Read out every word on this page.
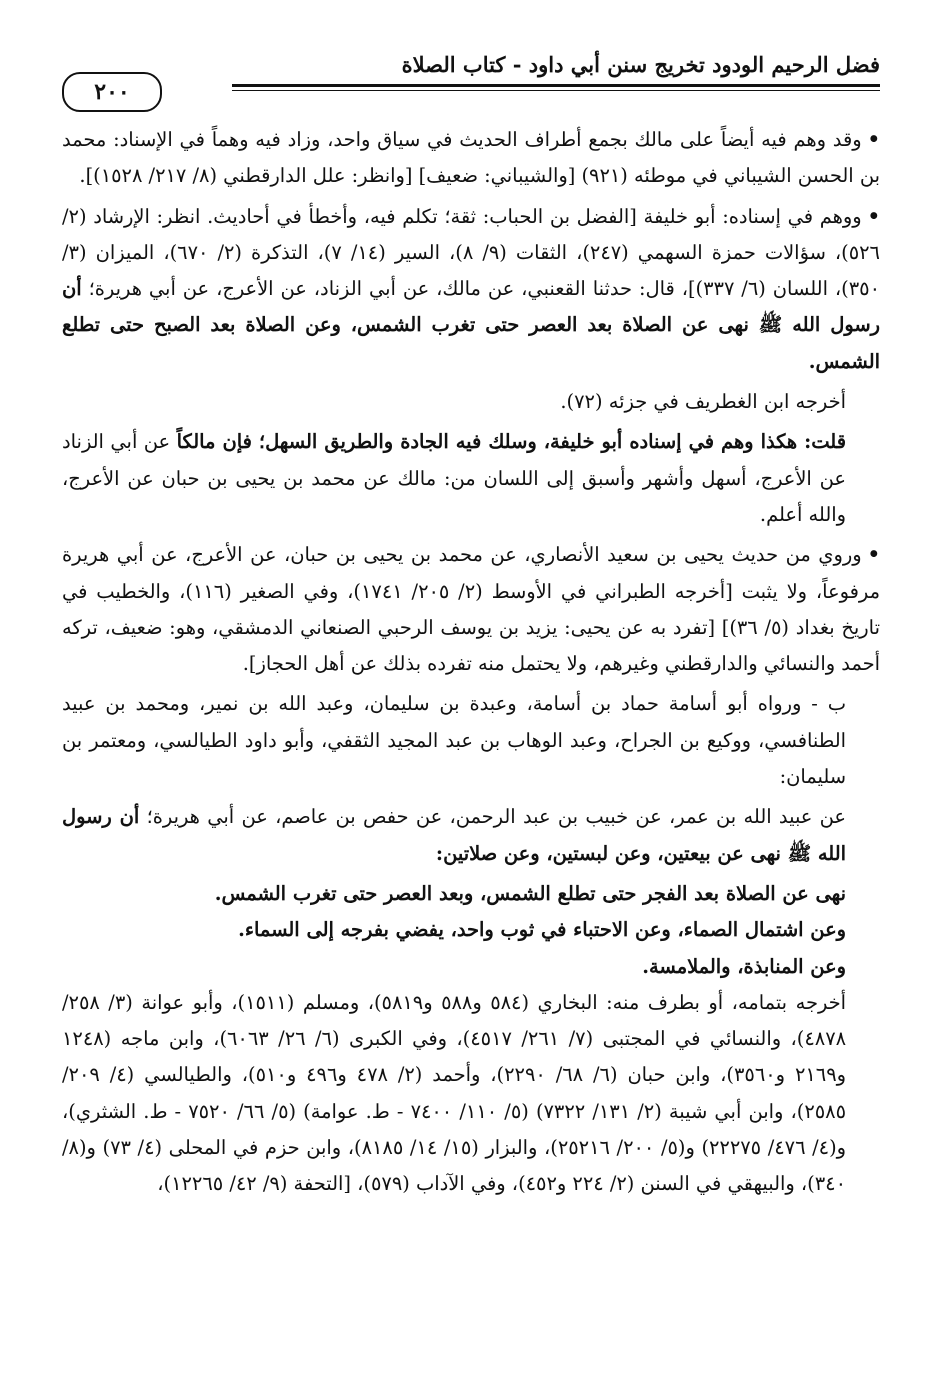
فضل الرحيم الودود تخريج سنن أبي داود - كتاب الصلاة
٢٠٠

•وقد وهم فيه أيضاً على مالك بجمع أطراف الحديث في سياق واحد، وزاد فيه وهماً في الإسناد: محمد بن الحسن الشيباني في موطئه (٩٢١) [والشيباني: ضعيف] [وانظر: علل الدارقطني (٨/ ٢١٧/ ١٥٢٨)].

•ووهم في إسناده: أبو خليفة [الفضل بن الحباب: ثقة؛ تكلم فيه، وأخطأ في أحاديث. انظر: الإرشاد (٢/ ٥٢٦)، سؤالات حمزة السهمي (٢٤٧)، الثقات (٩/ ٨)، السير (١٤/ ٧)، التذكرة (٢/ ٦٧٠)، الميزان (٣/ ٣٥٠)، اللسان (٦/ ٣٣٧)]، قال: حدثنا القعنبي، عن مالك، عن أبي الزناد، عن الأعرج، عن أبي هريرة؛ أن رسول الله ﷺ نهى عن الصلاة بعد العصر حتى تغرب الشمس، وعن الصلاة بعد الصبح حتى تطلع الشمس.

أخرجه ابن الغطريف في جزئه (٧٢).

قلت: هكذا وهم في إسناده أبو خليفة، وسلك فيه الجادة والطريق السهل؛ فإن مالكاً عن أبي الزناد عن الأعرج، أسهل وأشهر وأسبق إلى اللسان من: مالك عن محمد بن يحيى بن حبان عن الأعرج، والله أعلم.

•وروي من حديث يحيى بن سعيد الأنصاري، عن محمد بن يحيى بن حبان، عن الأعرج، عن أبي هريرة مرفوعاً، ولا يثبت [أخرجه الطبراني في الأوسط (٢/ ٢٠٥/ ١٧٤١)، وفي الصغير (١١٦)، والخطيب في تاريخ بغداد (٥/ ٣٦)] [تفرد به عن يحيى: يزيد بن يوسف الرحبي الصنعاني الدمشقي، وهو: ضعيف، تركه أحمد والنسائي والدارقطني وغيرهم، ولا يحتمل منه تفرده بذلك عن أهل الحجاز].

ب - ورواه أبو أسامة حماد بن أسامة، وعبدة بن سليمان، وعبد الله بن نمير، ومحمد بن عبيد الطنافسي، ووكيع بن الجراح، وعبد الوهاب بن عبد المجيد الثقفي، وأبو داود الطيالسي، ومعتمر بن سليمان:

عن عبيد الله بن عمر، عن خبيب بن عبد الرحمن، عن حفص بن عاصم، عن أبي هريرة؛ أن رسول الله ﷺ نهى عن بيعتين، وعن لبستين، وعن صلاتين:

نهى عن الصلاة بعد الفجر حتى تطلع الشمس، وبعد العصر حتى تغرب الشمس.

وعن اشتمال الصماء، وعن الاحتباء في ثوب واحد، يفضي بفرجه إلى السماء.

وعن المنابذة، والملامسة.

أخرجه بتمامه، أو بطرف منه: البخاري (٥٨٤ و٥٨٨ و٥٨١٩)، ومسلم (١٥١١)، وأبو عوانة (٣/ ٢٥٨/ ٤٨٧٨)، والنسائي في المجتبى (٧/ ٢٦١/ ٤٥١٧)، وفي الكبرى (٦/ ٢٦/ ٦٠٦٣)، وابن ماجه (١٢٤٨ و٢١٦٩ و٣٥٦٠)، وابن حبان (٦/ ٦٨/ ٢٢٩٠)، وأحمد (٢/ ٤٧٨ و٤٩٦ و٥١٠)، والطيالسي (٤/ ٢٠٩/ ٢٥٨٥)، وابن أبي شيبة (٢/ ١٣١/ ٧٣٢٢) (٥/ ١١٠/ ٧٤٠٠ - ط. عوامة) (٥/ ٦٦/ ٧٥٢٠ - ط. الشثري)، و(٤/ ٤٧٦/ ٢٢٢٧٥) و(٥/ ٢٠٠/ ٢٥٢١٦)، والبزار (١٥/ ١٤/ ٨١٨٥)، وابن حزم في المحلى (٤/ ٧٣) و(٨/ ٣٤٠)، والبيهقي في السنن (٢/ ٢٢٤ و٤٥٢)، وفي الآداب (٥٧٩)، [التحفة (٩/ ٤٢/ ١٢٢٦٥)،
